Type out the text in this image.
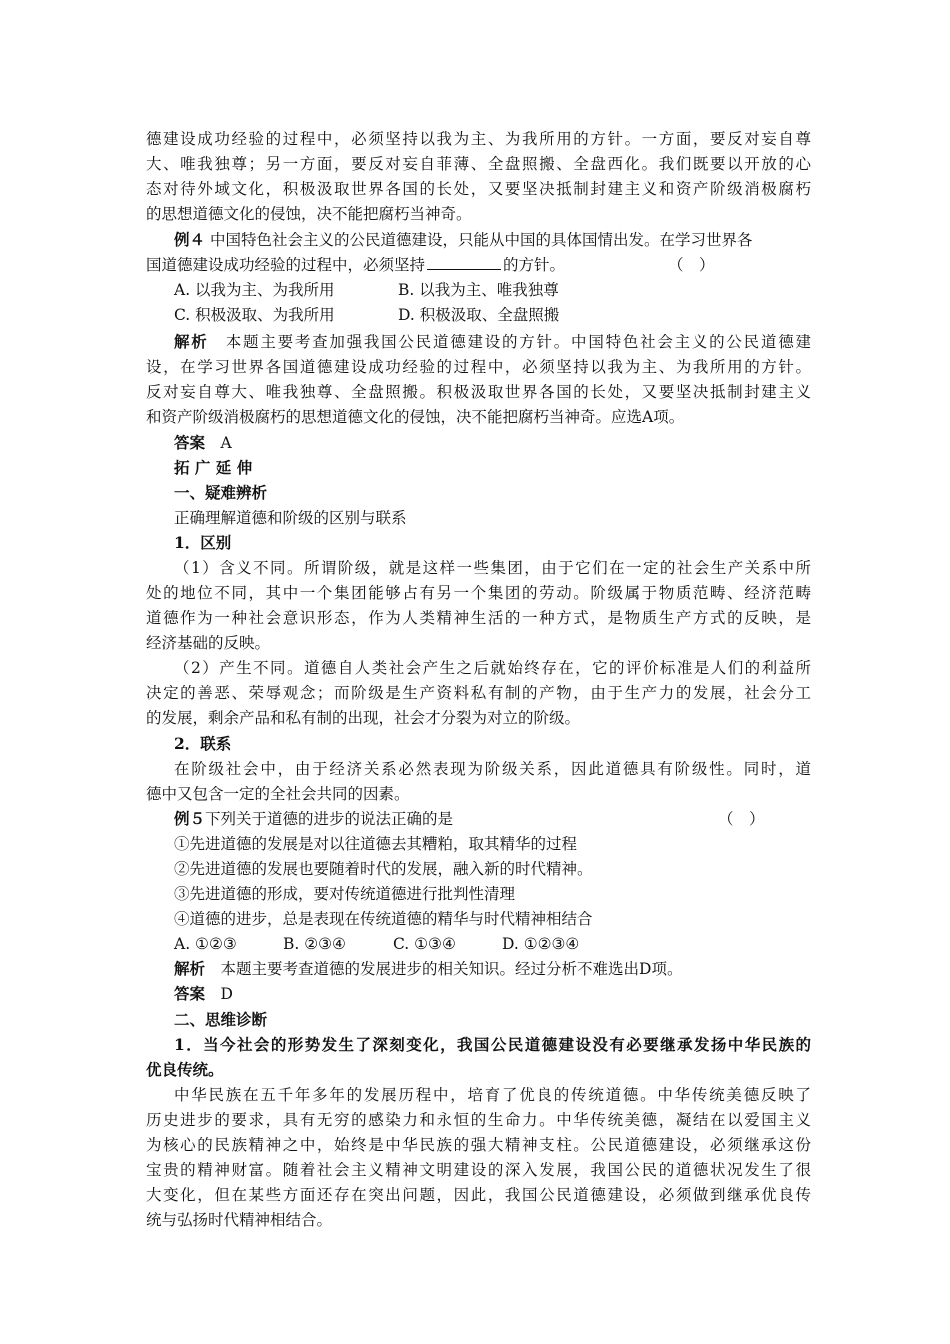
德建设成功经验的过程中，必须坚持以我为主、为我所用的方针。一方面，要反对妄自尊
大、唯我独尊；另一方面，要反对妄自菲薄、全盘照搬、全盘西化。我们既要以开放的心
态对待外域文化，积极汲取世界各国的长处，又要坚决抵制封建主义和资产阶级消极腐朽
的思想道德文化的侵蚀，决不能把腐朽当神奇。
例４ 中国特色社会主义的公民道德建设，只能从中国的具体国情出发。在学习世界各
国道德建设成功经验的过程中，必须坚持	的方针。	（　）
A. 以我为主、为我所用	B. 以我为主、唯我独尊
C. 积极汲取、为我所用	D. 积极汲取、全盘照搬
解析　本题主要考查加强我国公民道德建设的方针。中国特色社会主义的公民道德建
设，在学习世界各国道德建设成功经验的过程中，必须坚持以我为主、为我所用的方针。
反对妄自尊大、唯我独尊、全盘照搬。积极汲取世界各国的长处，又要坚决抵制封建主义
和资产阶级消极腐朽的思想道德文化的侵蚀，决不能把腐朽当神奇。应选A项。
答案　A
拓 广 延 伸
一、疑难辨析
正确理解道德和阶级的区别与联系
1．区别
（1）含义不同。所谓阶级，就是这样一些集团，由于它们在一定的社会生产关系中所
处的地位不同，其中一个集团能够占有另一个集团的劳动。阶级属于物质范畴、经济范畴
道德作为一种社会意识形态，作为人类精神生活的一种方式，是物质生产方式的反映，是
经济基础的反映。
（2）产生不同。道德自人类社会产生之后就始终存在，它的评价标准是人们的利益所
决定的善恶、荣辱观念；而阶级是生产资料私有制的产物，由于生产力的发展，社会分工
的发展，剩余产品和私有制的出现，社会才分裂为对立的阶级。
2．联系
在阶级社会中，由于经济关系必然表现为阶级关系，因此道德具有阶级性。同时，道
德中又包含一定的全社会共同的因素。
例５下列关于道德的进步的说法正确的是	（　）
①先进道德的发展是对以往道德去其糟粕，取其精华的过程
②先进道德的发展也要随着时代的发展，融入新的时代精神。
③先进道德的形成，要对传统道德进行批判性清理
④道德的进步，总是表现在传统道德的精华与时代精神相结合
A. ①②③	B. ②③④	C. ①③④	D. ①②③④
解析　本题主要考查道德的发展进步的相关知识。经过分析不难选出D项。
答案　D
二、思维诊断
1．当今社会的形势发生了深刻变化，我国公民道德建设没有必要继承发扬中华民族的
优良传统。
中华民族在五千年多年的发展历程中，培育了优良的传统道德。中华传统美德反映了
历史进步的要求，具有无穷的感染力和永恒的生命力。中华传统美德，凝结在以爱国主义
为核心的民族精神之中，始终是中华民族的强大精神支柱。公民道德建设，必须继承这份
宝贵的精神财富。随着社会主义精神文明建设的深入发展，我国公民的道德状况发生了很
大变化，但在某些方面还存在突出问题，因此，我国公民道德建设，必须做到继承优良传
统与弘扬时代精神相结合。
